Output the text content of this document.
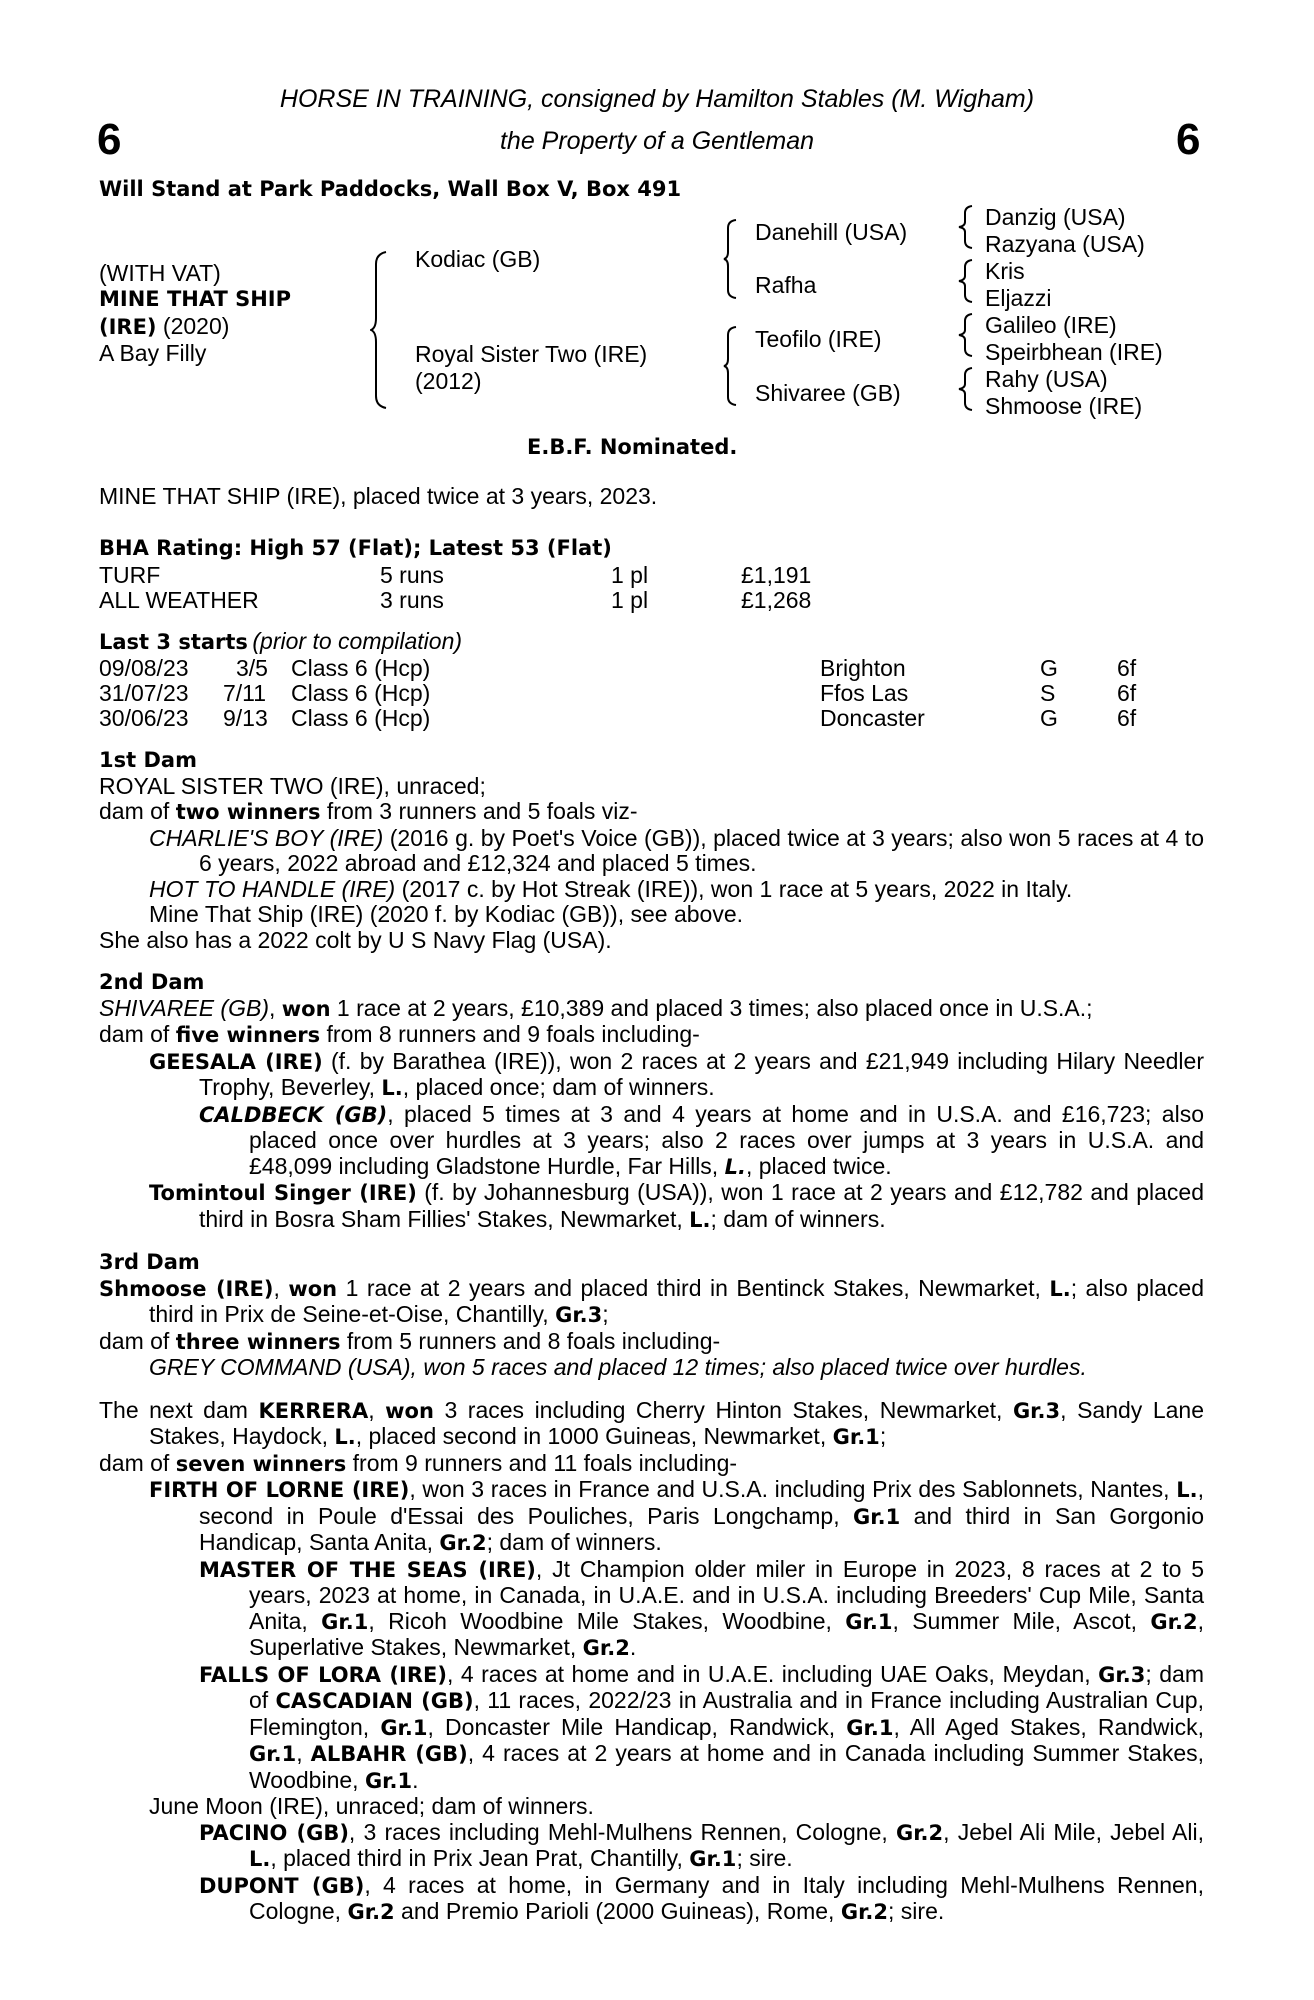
6	6
HORSE IN TRAINING, consigned by Hamilton Stables (M. Wigham)
the Property of a Gentleman
Will Stand at Park Paddocks, Wall Box V, Box 491
(WITH VAT)
MINE THAT SHIP
(IRE) (2020)
A Bay Filly
Kodiac (GB)
Royal Sister Two (IRE)
(2012)
Danehill (USA)
Rafha
Teofilo (IRE)
Shivaree (GB)
Danzig (USA)
Razyana (USA)
Kris
Eljazzi
Galileo (IRE)
Speirbhean (IRE)
Rahy (USA)
Shmoose (IRE)
E.B.F. Nominated.
MINE THAT SHIP (IRE), placed twice at 3 years, 2023.
BHA Rating: High 57 (Flat); Latest 53 (Flat)
TURF	5 runs	1 pl	£1,191
ALL WEATHER	3 runs	1 pl	£1,268
Last 3 starts (prior to compilation)
09/08/23 3/5 Class 6 (Hcp)	Brighton	G	6f
31/07/23 7/11 Class 6 (Hcp)	Ffos Las	S	6f
30/06/23 9/13 Class 6 (Hcp)	Doncaster	G	6f

1st Dam

ROYAL SISTER TWO (IRE), unraced;

dam of two winners from 3 runners and 5 foals viz-

CHARLIE'S BOY (IRE) (2016 g. by Poet's Voice (GB)), placed twice at 3 years; also won 5 races at 4 to 6 years, 2022 abroad and £12,324 and placed 5 times.

HOT TO HANDLE (IRE) (2017 c. by Hot Streak (IRE)), won 1 race at 5 years, 2022 in Italy.

Mine That Ship (IRE) (2020 f. by Kodiac (GB)), see above.

She also has a 2022 colt by U S Navy Flag (USA).

2nd Dam

SHIVAREE (GB), won 1 race at 2 years, £10,389 and placed 3 times; also placed once in U.S.A.;

dam of five winners from 8 runners and 9 foals including-

GEESALA (IRE) (f. by Barathea (IRE)), won 2 races at 2 years and £21,949 including Hilary Needler Trophy, Beverley, L., placed once; dam of winners.

CALDBECK (GB), placed 5 times at 3 and 4 years at home and in U.S.A. and £16,723; also placed once over hurdles at 3 years; also 2 races over jumps at 3 years in U.S.A. and £48,099 including Gladstone Hurdle, Far Hills, L., placed twice.

Tomintoul Singer (IRE) (f. by Johannesburg (USA)), won 1 race at 2 years and £12,782 and placed third in Bosra Sham Fillies' Stakes, Newmarket, L.; dam of winners.

3rd Dam

Shmoose (IRE), won 1 race at 2 years and placed third in Bentinck Stakes, Newmarket, L.; also placed third in Prix de Seine-et-Oise, Chantilly, Gr.3;

dam of three winners from 5 runners and 8 foals including-

GREY COMMAND (USA), won 5 races and placed 12 times; also placed twice over hurdles.

The next dam KERRERA, won 3 races including Cherry Hinton Stakes, Newmarket, Gr.3, Sandy Lane Stakes, Haydock, L., placed second in 1000 Guineas, Newmarket, Gr.1;

dam of seven winners from 9 runners and 11 foals including-

FIRTH OF LORNE (IRE), won 3 races in France and U.S.A. including Prix des Sablonnets, Nantes, L., second in Poule d'Essai des Pouliches, Paris Longchamp, Gr.1 and third in San Gorgonio Handicap, Santa Anita, Gr.2; dam of winners.

MASTER OF THE SEAS (IRE), Jt Champion older miler in Europe in 2023, 8 races at 2 to 5 years, 2023 at home, in Canada, in U.A.E. and in U.S.A. including Breeders' Cup Mile, Santa Anita, Gr.1, Ricoh Woodbine Mile Stakes, Woodbine, Gr.1, Summer Mile, Ascot, Gr.2, Superlative Stakes, Newmarket, Gr.2.

FALLS OF LORA (IRE), 4 races at home and in U.A.E. including UAE Oaks, Meydan, Gr.3; dam of CASCADIAN (GB), 11 races, 2022/23 in Australia and in France including Australian Cup, Flemington, Gr.1, Doncaster Mile Handicap, Randwick, Gr.1, All Aged Stakes, Randwick, Gr.1, ALBAHR (GB), 4 races at 2 years at home and in Canada including Summer Stakes, Woodbine, Gr.1.

June Moon (IRE), unraced; dam of winners.

PACINO (GB), 3 races including Mehl-Mulhens Rennen, Cologne, Gr.2, Jebel Ali Mile, Jebel Ali, L., placed third in Prix Jean Prat, Chantilly, Gr.1; sire.

DUPONT (GB), 4 races at home, in Germany and in Italy including Mehl-Mulhens Rennen, Cologne, Gr.2 and Premio Parioli (2000 Guineas), Rome, Gr.2; sire.
